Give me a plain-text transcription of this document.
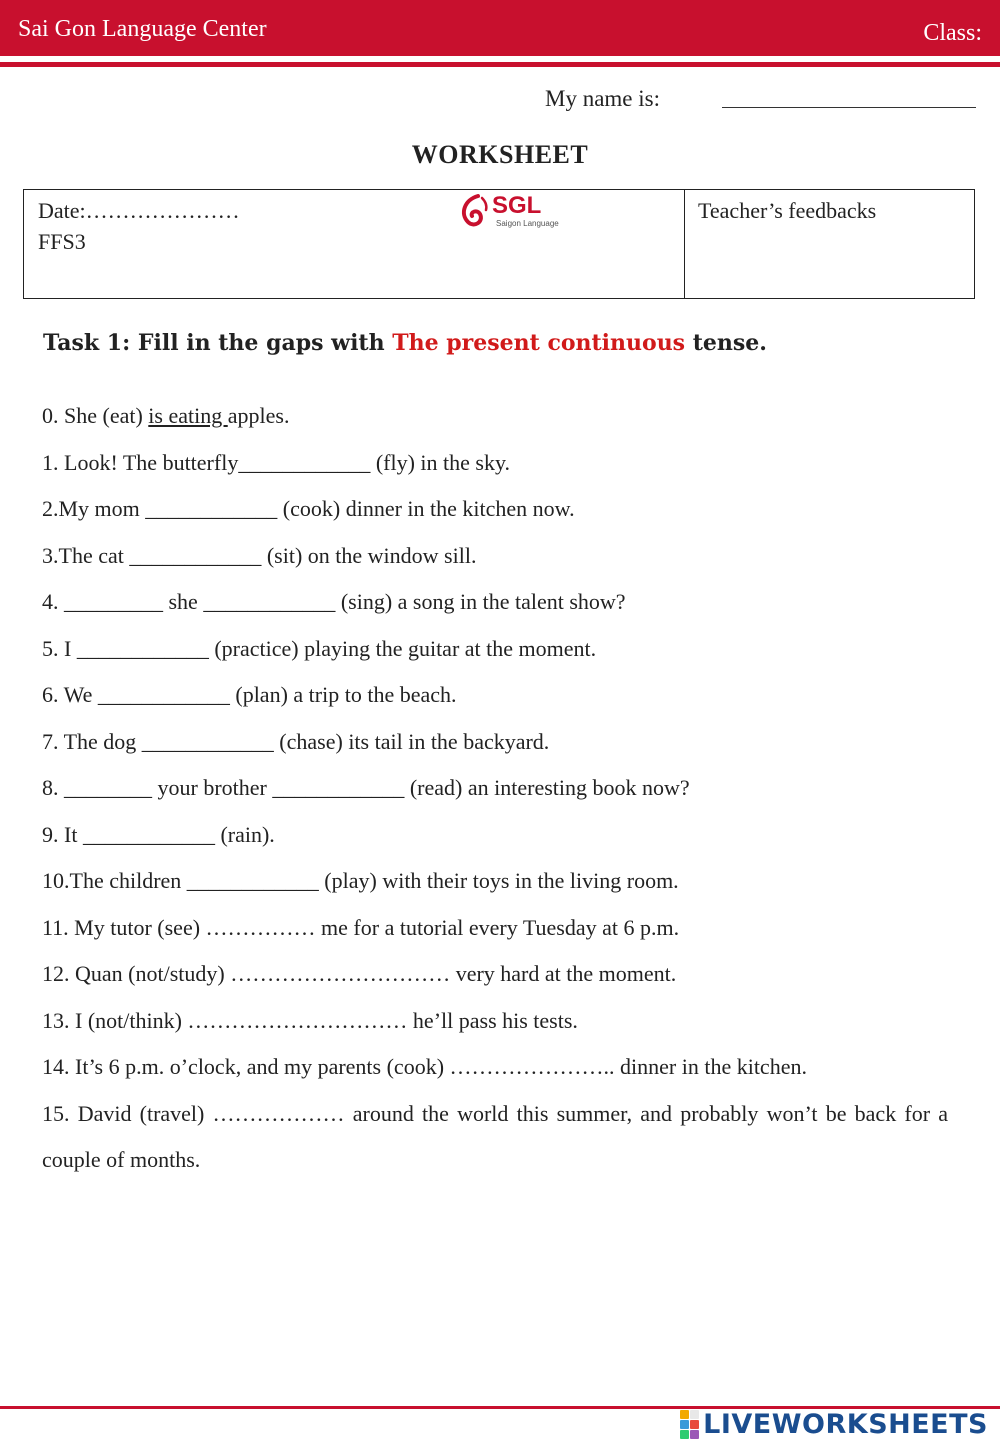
Sai Gon Language Center	Class:
My name is:
WORKSHEET
Date:…………………
FFS3
SGL
Saigon Language
Teacher’s feedbacks
Task 1: Fill in the gaps with The present continuous tense.

0. She (eat) is eating apples.

1. Look! The butterfly____________ (fly) in the sky.

2.My mom ____________ (cook) dinner in the kitchen now.

3.The cat ____________ (sit) on the window sill.

4. _________ she ____________ (sing) a song in the talent show?

5. I ____________ (practice) playing the guitar at the moment.

6. We ____________ (plan) a trip to the beach.

7. The dog ____________ (chase) its tail in the backyard.

8. ________ your brother ____________ (read) an interesting book now?

9. It ____________ (rain).

10.The children ____________ (play) with their toys in the living room.

11. My tutor (see) …………… me for a tutorial every Tuesday at 6 p.m.

12. Quan (not/study) ………………………… very hard at the moment.

13. I (not/think) ………………………… he’ll pass his tests.

14. It’s 6 p.m. o’clock, and my parents (cook) ………………….. dinner in the kitchen.

15. David (travel) ……………… around the world this summer, and probably won’t be back for a couple of months.

LIVEWORKSHEETS
